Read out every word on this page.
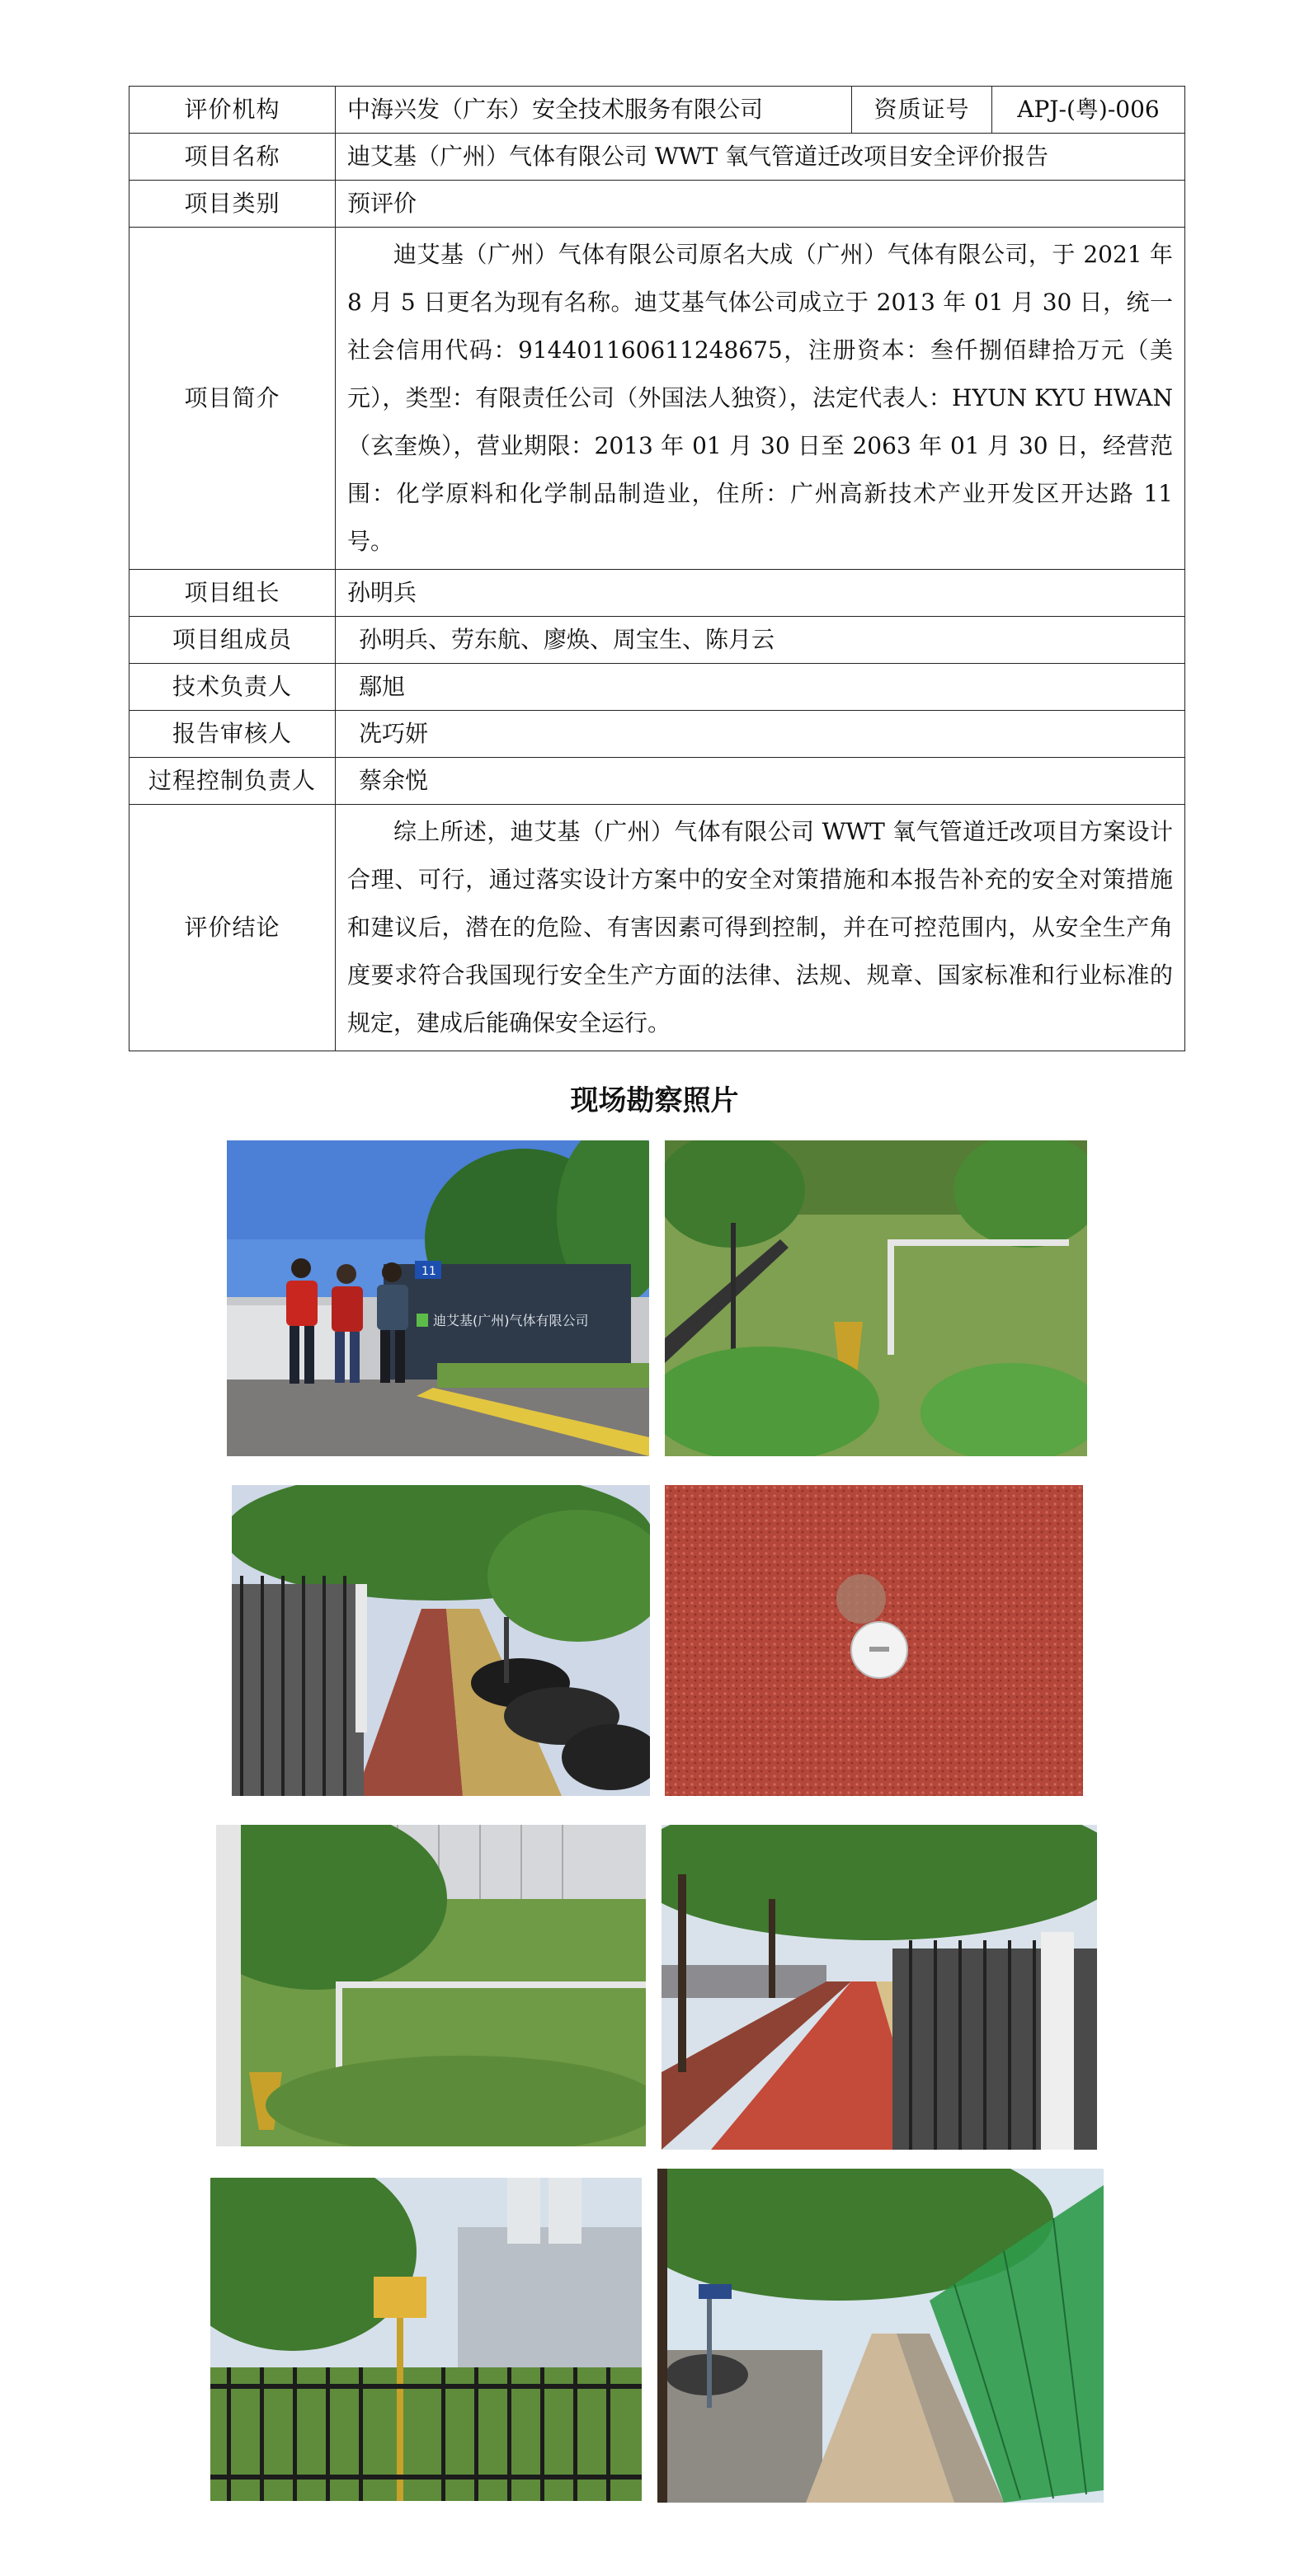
评价机构	中海兴发（广东）安全技术服务有限公司	资质证号	APJ-(粤)-006
项目名称	迪艾基（广州）气体有限公司 WWT 氧气管道迁改项目安全评价报告		
项目类别	预评价		
项目简介	迪艾基（广州）气体有限公司原名大成（广州）气体有限公司，于 2021 年 8 月 5 日更名为现有名称。迪艾基气体公司成立于 2013 年 01 月 30 日，统一社会信用代码：914401160611248675，注册资本：叁仟捌佰肆拾万元（美元），类型：有限责任公司（外国法人独资），法定代表人：HYUN KYU HWAN（玄奎焕），营业期限：2013 年 01 月 30 日至 2063 年 01 月 30 日，经营范围：化学原料和化学制品制造业，住所：广州高新技术产业开发区开达路 11 号。		
项目组长	孙明兵		
项目组成员	孙明兵、劳东航、廖焕、周宝生、陈月云		
技术负责人	鄢旭		
报告审核人	冼巧妍		
过程控制负责人	蔡余悦		
评价结论	综上所述，迪艾基（广州）气体有限公司 WWT 氧气管道迁改项目方案设计合理、可行，通过落实设计方案中的安全对策措施和本报告补充的安全对策措施和建议后，潜在的危险、有害因素可得到控制，并在可控范围内，从安全生产角度要求符合我国现行安全生产方面的法律、法规、规章、国家标准和行业标准的规定，建成后能确保安全运行。		
现场勘察照片
迪艾基(广州)气体有限公司
11
